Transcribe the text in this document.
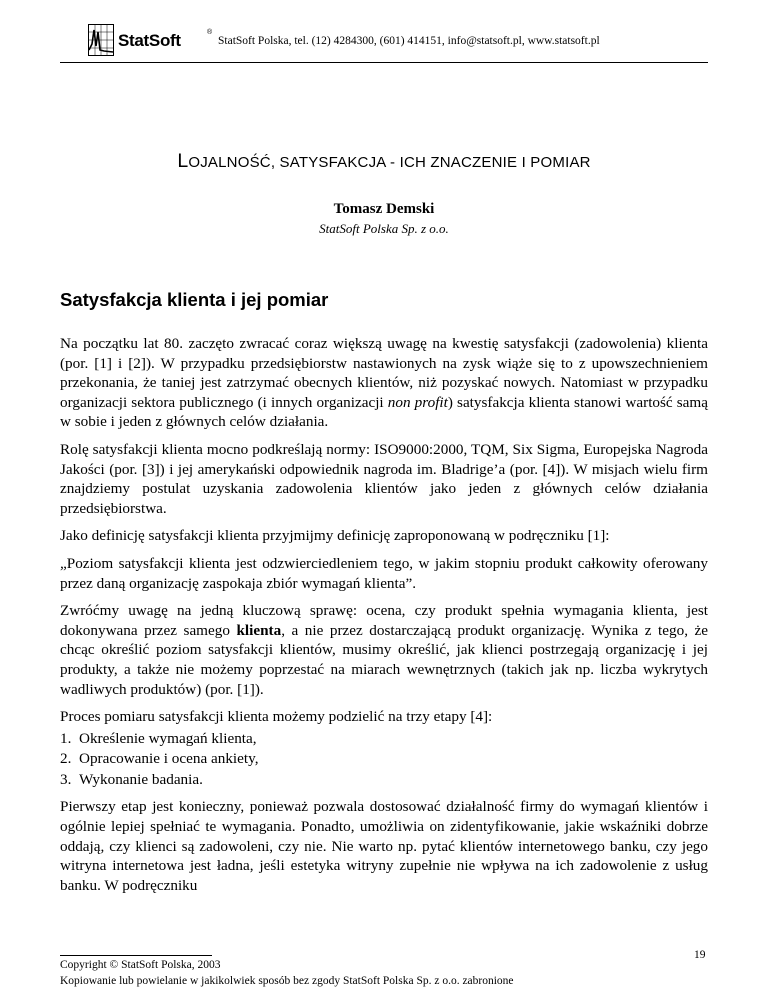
StatSoft	®
StatSoft Polska, tel. (12) 4284300, (601) 414151, info@statsoft.pl, www.statsoft.pl
LOJALNOŚĆ, SATYSFAKCJA - ICH ZNACZENIE I POMIAR
Tomasz Demski
StatSoft Polska Sp. z o.o.
Satysfakcja klienta i jej pomiar

Na początku lat 80. zaczęto zwracać coraz większą uwagę na kwestię satysfakcji (zadowolenia) klienta (por. [1] i [2]). W przypadku przedsiębiorstw nastawionych na zysk wiąże się to z upowszechnieniem przekonania, że taniej jest zatrzymać obecnych klientów, niż pozyskać nowych. Natomiast w przypadku organizacji sektora publicznego (i innych organizacji non profit) satysfakcja klienta stanowi wartość samą w sobie i jeden z głównych celów działania.

Rolę satysfakcji klienta mocno podkreślają normy: ISO9000:2000, TQM, Six Sigma, Europejska Nagroda Jakości (por. [3]) i jej amerykański odpowiednik nagroda im. Bladrige’a (por. [4]). W misjach wielu firm znajdziemy postulat uzyskania zadowolenia klientów jako jeden z głównych celów działania przedsiębiorstwa.

Jako definicję satysfakcji klienta przyjmijmy definicję zaproponowaną w podręczniku [1]:

„Poziom satysfakcji klienta jest odzwierciedleniem tego, w jakim stopniu produkt całkowity oferowany przez daną organizację zaspokaja zbiór wymagań klienta”.

Zwróćmy uwagę na jedną kluczową sprawę: ocena, czy produkt spełnia wymagania klienta, jest dokonywana przez samego klienta, a nie przez dostarczającą produkt organizację. Wynika z tego, że chcąc określić poziom satysfakcji klientów, musimy określić, jak klienci postrzegają organizację i jej produkty, a także nie możemy poprzestać na miarach wewnętrznych (takich jak np. liczba wykrytych wadliwych produktów) (por. [1]).

Proces pomiaru satysfakcji klienta możemy podzielić na trzy etapy [4]:

1. Określenie wymagań klienta,
2. Opracowanie i ocena ankiety,
3. Wykonanie badania.

Pierwszy etap jest konieczny, ponieważ pozwala dostosować działalność firmy do wymagań klientów i ogólnie lepiej spełniać te wymagania. Ponadto, umożliwia on zidentyfikowanie, jakie wskaźniki dobrze oddają, czy klienci są zadowoleni, czy nie. Nie warto np. pytać klientów internetowego banku, czy jego witryna internetowa jest ładna, jeśli estetyka witryny zupełnie nie wpływa na ich zadowolenie z usług banku. W podręczniku

Copyright © StatSoft Polska, 2003
Kopiowanie lub powielanie w jakikolwiek sposób bez zgody StatSoft Polska Sp. z o.o. zabronione
19
